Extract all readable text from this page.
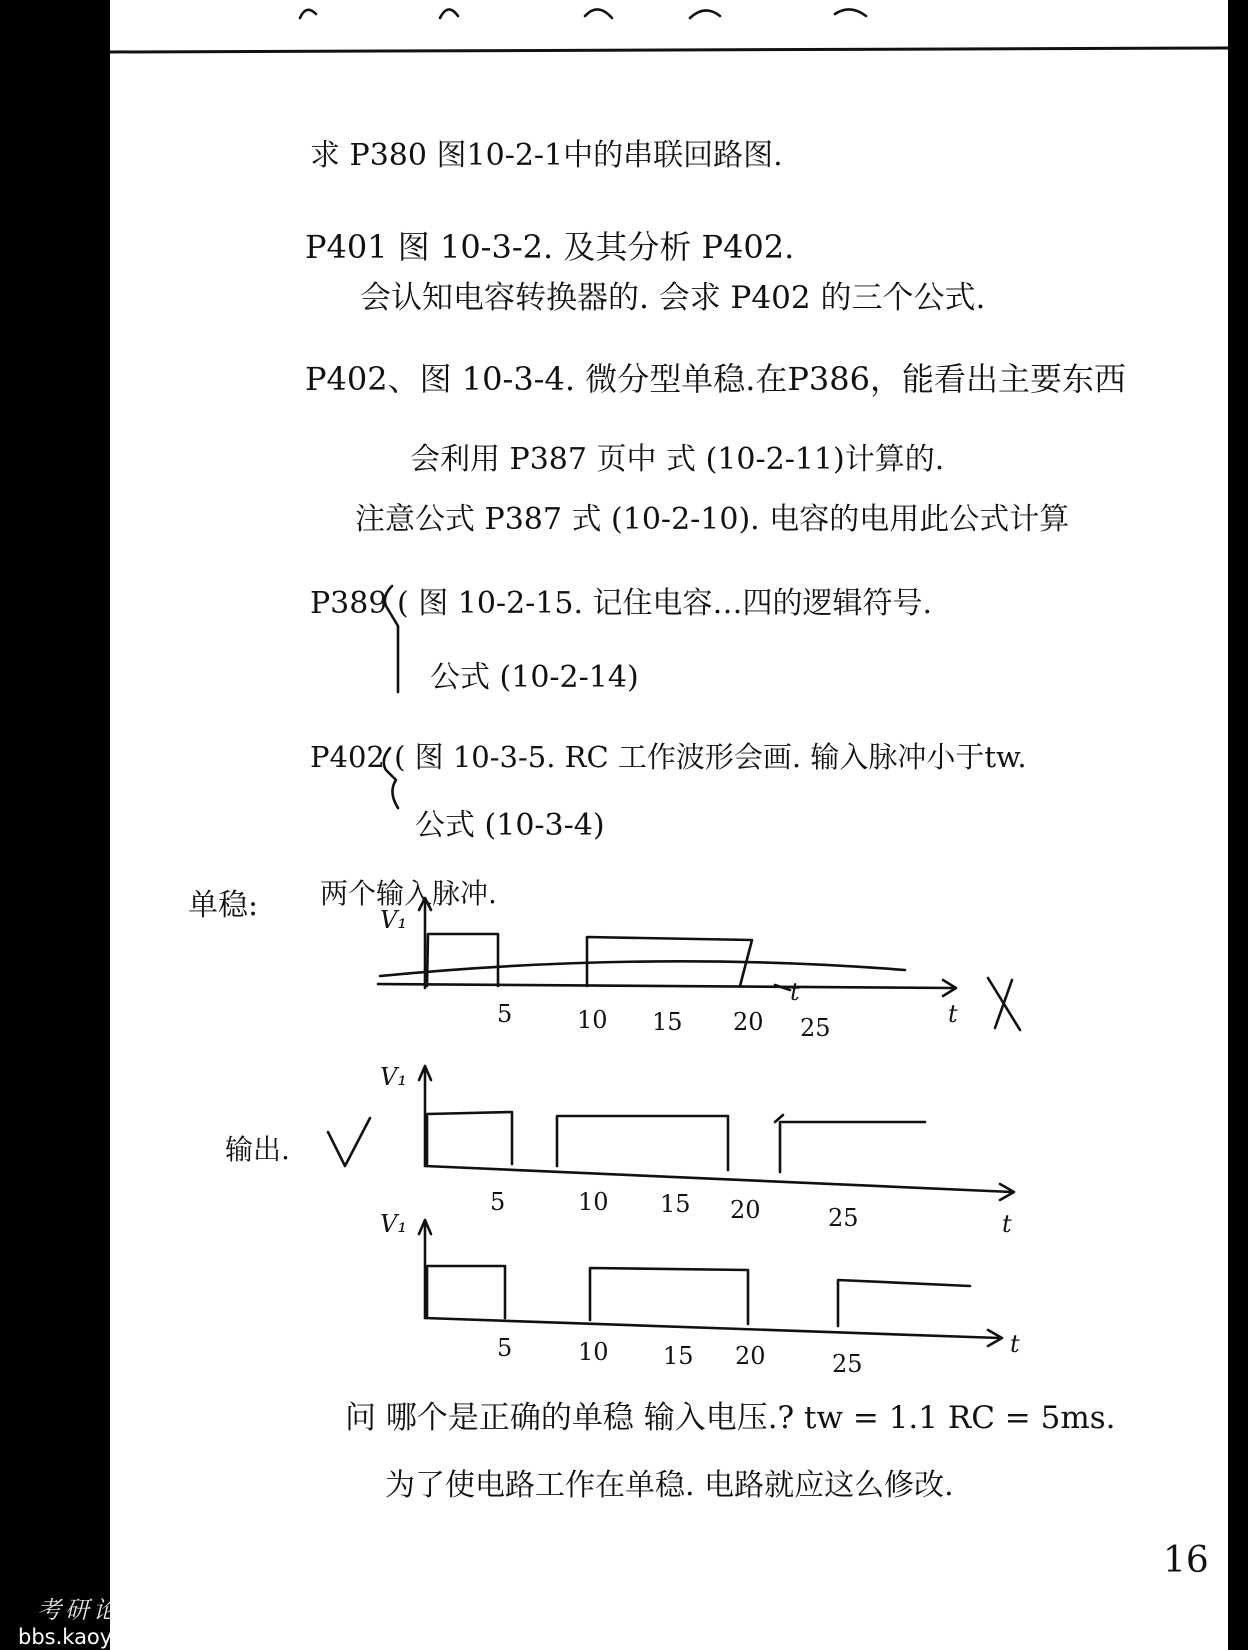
V₁
V₁
V₁
t
t
t
t
5	10 15 20 25
5	10 15 20	25
5	10 15 20	25
求 P380 图10-2-1中的串联回路图.
P401 图 10-3-2. 及其分析 P402.
会认知电容转换器的. 会求 P402 的三个公式.
P402、图 10-3-4. 微分型单稳.在P386，能看出主要东西
会利用 P387 页中 式 (10-2-11)计算的.
注意公式 P387 式 (10-2-10). 电容的电用此公式计算
P389 ( 图 10-2-15. 记住电容…四的逻辑符号.
公式 (10-2-14)
P402 ( 图 10-3-5. RC 工作波形会画. 输入脉冲小于tw.
公式 (10-3-4)
单稳: 两个输入脉冲.
输出.
问 哪个是正确的单稳 输入电压.? tw = 1.1 RC = 5ms.
为了使电路工作在单稳. 电路就应这么修改.
16
考研论坛
bbs.kaoyan.com
